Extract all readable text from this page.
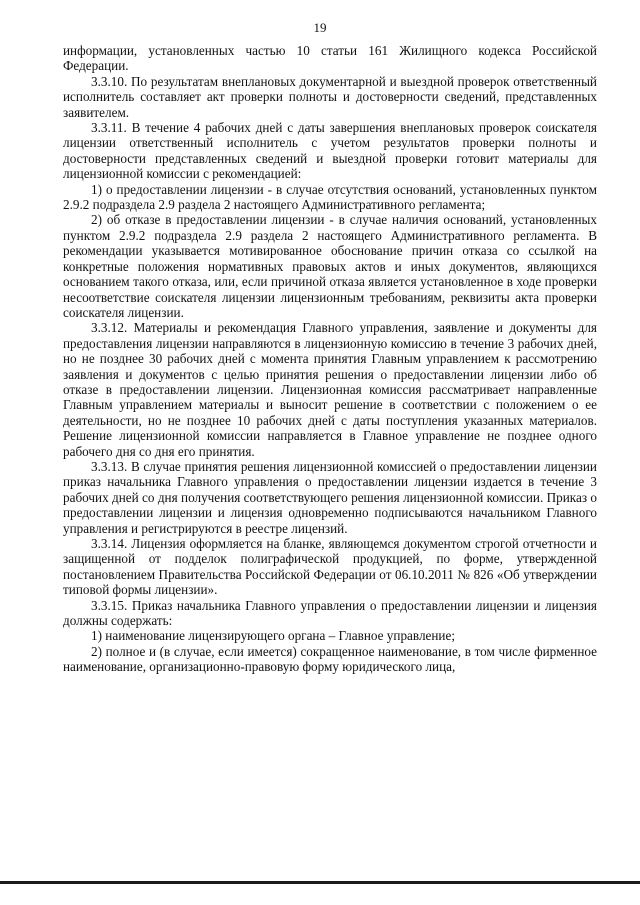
19

информации, установленных частью 10 статьи 161 Жилищного кодекса Российской Федерации.

3.3.10. По результатам внеплановых документарной и выездной проверок ответственный исполнитель составляет акт проверки полноты и достоверности сведений, представленных заявителем.

3.3.11. В течение 4 рабочих дней с даты завершения внеплановых проверок соискателя лицензии ответственный исполнитель с учетом результатов проверки полноты и достоверности представленных сведений и выездной проверки готовит материалы для лицензионной комиссии с рекомендацией:

1) о предоставлении лицензии - в случае отсутствия оснований, установленных пунктом 2.9.2 подраздела 2.9 раздела 2 настоящего Административного регламента;

2) об отказе в предоставлении лицензии - в случае наличия оснований, установленных пунктом 2.9.2 подраздела 2.9 раздела 2 настоящего Административного регламента. В рекомендации указывается мотивированное обоснование причин отказа со ссылкой на конкретные положения нормативных правовых актов и иных документов, являющихся основанием такого отказа, или, если причиной отказа является установленное в ходе проверки несоответствие соискателя лицензии лицензионным требованиям, реквизиты акта проверки соискателя лицензии.

3.3.12. Материалы и рекомендация Главного управления, заявление и документы для предоставления лицензии направляются в лицензионную комиссию в течение 3 рабочих дней, но не позднее 30 рабочих дней с момента принятия Главным управлением к рассмотрению заявления и документов с целью принятия решения о предоставлении лицензии либо об отказе в предоставлении лицензии. Лицензионная комиссия рассматривает направленные Главным управлением материалы и выносит решение в соответствии с положением о ее деятельности, но не позднее 10 рабочих дней с даты поступления указанных материалов. Решение лицензионной комиссии направляется в Главное управление не позднее одного рабочего дня со дня его принятия.

3.3.13. В случае принятия решения лицензионной комиссией о предоставлении лицензии приказ начальника Главного управления о предоставлении лицензии издается в течение 3 рабочих дней со дня получения соответствующего решения лицензионной комиссии. Приказ о предоставлении лицензии и лицензия одновременно подписываются начальником Главного управления и регистрируются в реестре лицензий.

3.3.14. Лицензия оформляется на бланке, являющемся документом строгой отчетности и защищенной от подделок полиграфической продукцией, по форме, утвержденной постановлением Правительства Российской Федерации от 06.10.2011 № 826 «Об утверждении типовой формы лицензии».

3.3.15. Приказ начальника Главного управления о предоставлении лицензии и лицензия должны содержать:

1) наименование лицензирующего органа – Главное управление;

2) полное и (в случае, если имеется) сокращенное наименование, в том числе фирменное наименование, организационно-правовую форму юридического лица,
